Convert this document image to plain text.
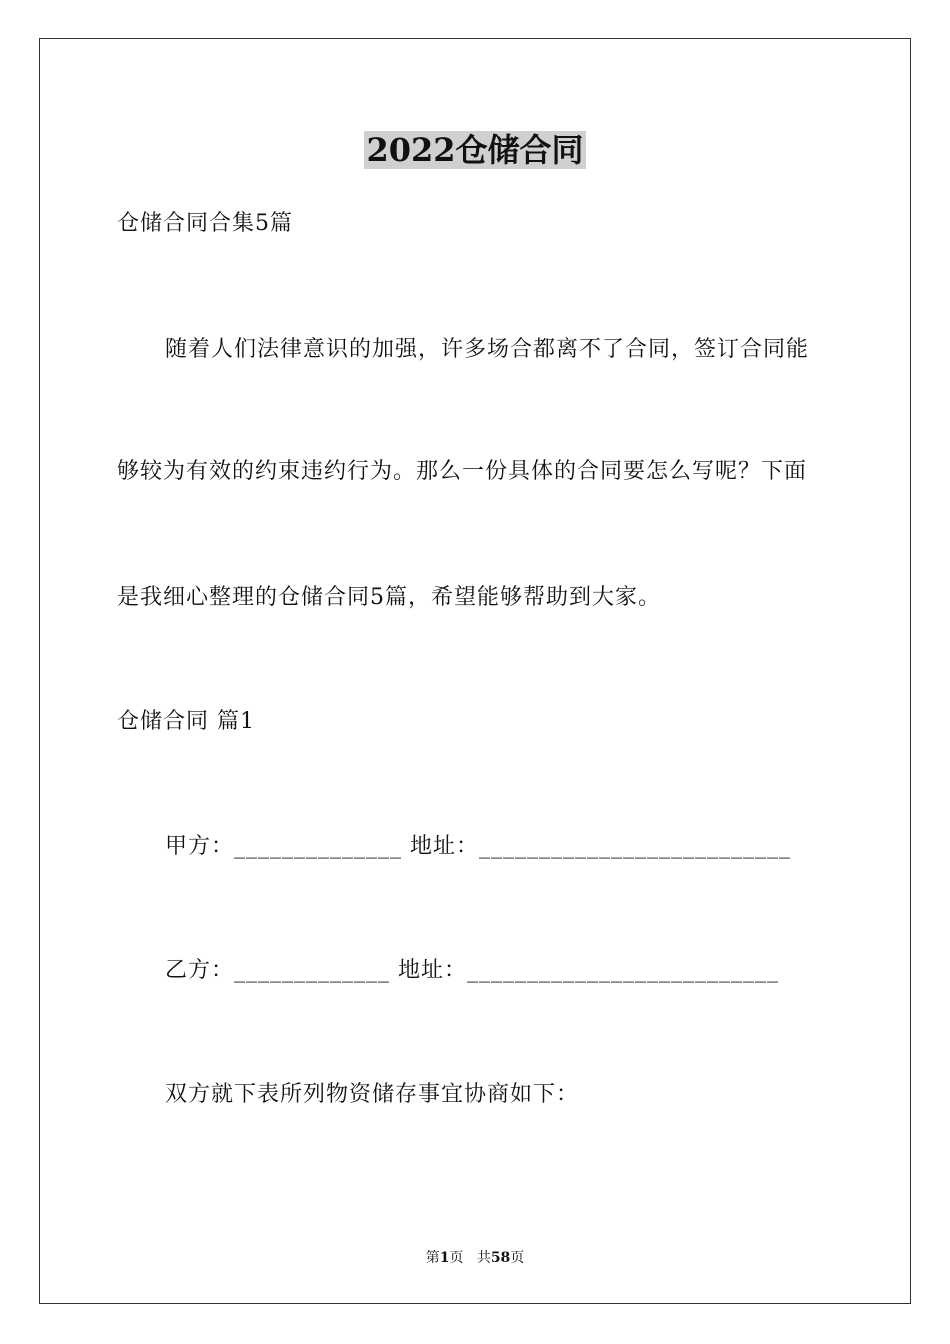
2022仓储合同
仓储合同合集5篇
随着人们法律意识的加强，许多场合都离不了合同，签订合同能
够较为有效的约束违约行为。那么一份具体的合同要怎么写呢？下面
是我细心整理的仓储合同5篇，希望能够帮助到大家。
仓储合同 篇1
甲方：______________ 地址：__________________________
乙方：_____________ 地址：__________________________
双方就下表所列物资储存事宜协商如下：
第1页 共58页
